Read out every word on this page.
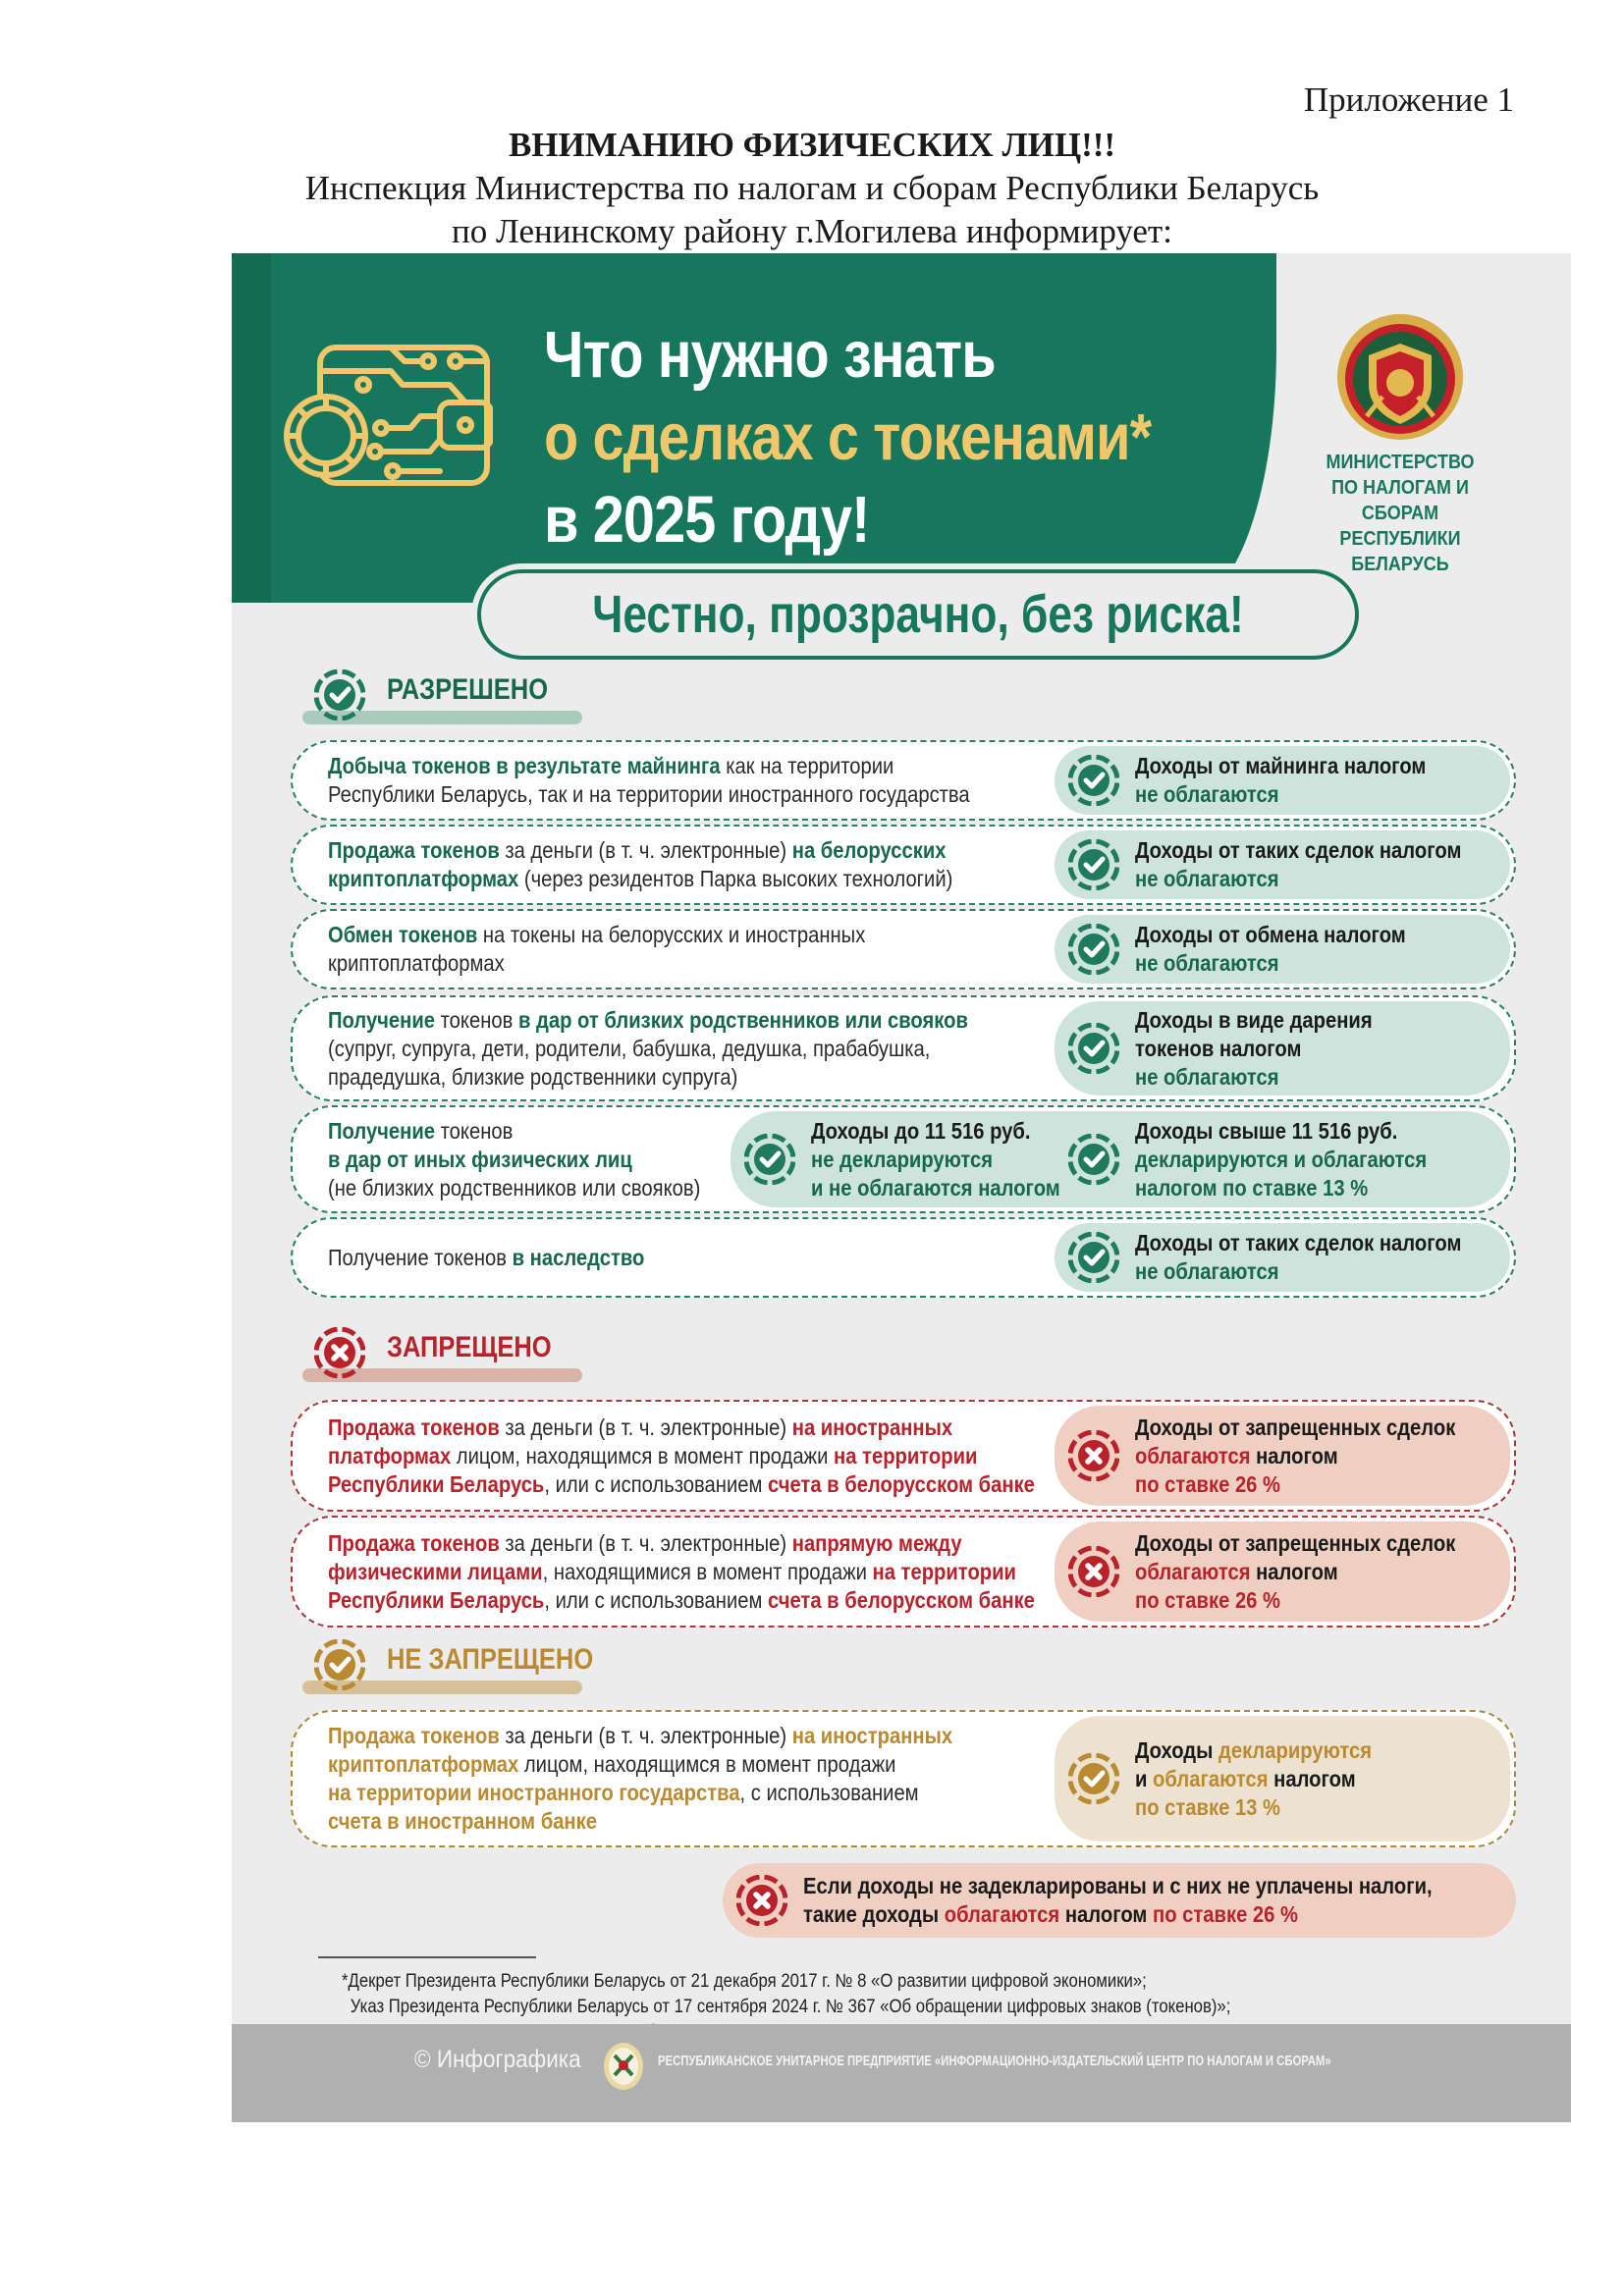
Приложение 1
ВНИМАНИЮ ФИЗИЧЕСКИХ ЛИЦ!!!
Инспекция Министерства по налогам и сборам Республики Беларусь
по Ленинскому району г.Могилева информирует:
Что нужно знать
о сделках с токенами*
в 2025 году!
МИНИСТЕРСТВО
ПО НАЛОГАМ И СБОРАМ
РЕСПУБЛИКИ БЕЛАРУСЬ
Честно, прозрачно, без риска!
РАЗРЕШЕНО
Добыча токенов в результате майнинга как на территории
Республики Беларусь, так и на территории иностранного государства
Доходы от майнинга налогом
не облагаются
Продажа токенов за деньги (в т. ч. электронные) на белорусских
криптоплатформах (через резидентов Парка высоких технологий)
Доходы от таких сделок налогом
не облагаются
Обмен токенов на токены на белорусских и иностранных
криптоплатформах
Доходы от обмена налогом
не облагаются
Получение токенов в дар от близких родственников или свояков
(супруг, супруга, дети, родители, бабушка, дедушка, прабабушка,
прадедушка, близкие родственники супруга)
Доходы в виде дарения
токенов налогом
не облагаются
Получение токенов
в дар от иных физических лиц
(не близких родственников или свояков)
Доходы до 11 516 руб.
не декларируются
и не облагаются налогом
Доходы свыше 11 516 руб.
декларируются и облагаются
налогом по ставке 13 %
Получение токенов в наследство
Доходы от таких сделок налогом
не облагаются
ЗАПРЕЩЕНО
Продажа токенов за деньги (в т. ч. электронные) на иностранных
платформах лицом, находящимся в момент продажи на территории
Республики Беларусь, или с использованием счета в белорусском банке
Доходы от запрещенных сделок
облагаются налогом
по ставке 26 %
Продажа токенов за деньги (в т. ч. электронные) напрямую между
физическими лицами, находящимися в момент продажи на территории
Республики Беларусь, или с использованием счета в белорусском банке
Доходы от запрещенных сделок
облагаются налогом
по ставке 26 %
НЕ ЗАПРЕЩЕНО
Продажа токенов за деньги (в т. ч. электронные) на иностранных
криптоплатформах лицом, находящимся в момент продажи
на территории иностранного государства, с использованием
счета в иностранном банке
Доходы декларируются
и облагаются налогом
по ставке 13 %
Если доходы не задекларированы и с них не уплачены налоги,
такие доходы облагаются налогом по ставке 26 %
*Декрет Президента Республики Беларусь от 21 декабря 2017 г. № 8 «О развитии цифровой экономики»;
Указ Президента Республики Беларусь от 17 сентября 2024 г. № 367 «Об обращении цифровых знаков (токенов)»;
© Инфографика	РЕСПУБЛИКАНСКОЕ УНИТАРНОЕ ПРЕДПРИЯТИЕ «ИНФОРМАЦИОННО-ИЗДАТЕЛЬСКИЙ ЦЕНТР ПО НАЛОГАМ И СБОРАМ»
